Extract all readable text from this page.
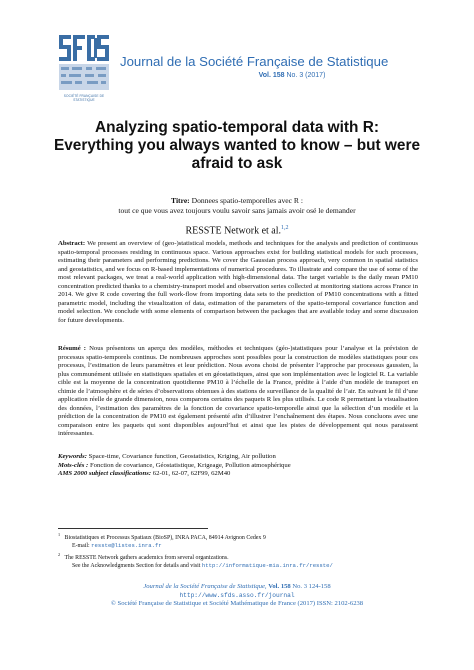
SOCIÉTÉ FRANÇAISE DE STATISTIQUE
Journal de la Société Française de Statistique
Vol. 158 No. 3 (2017)
Analyzing spatio-temporal data with R:
Everything you always wanted to know – but were
afraid to ask
Titre: Donnees spatio-temporelles avec R :
tout ce que vous avez toujours voulu savoir sans jamais avoir osé le demander
RESSTE Network et al.$^{1,2}$
Abstract: We present an overview of (geo-)statistical models, methods and techniques for the analysis and prediction of continuous spatio-temporal processes residing in continuous space. Various approaches exist for building statistical models for such processes, estimating their parameters and performing predictions. We cover the Gaussian process approach, very common in spatial statistics and geostatistics, and we focus on R-based implementations of numerical procedures. To illustrate and compare the use of some of the most relevant packages, we treat a real-world application with high-dimensional data. The target variable is the daily mean PM10 concentration predicted thanks to a chemistry-transport model and observation series collected at monitoring stations across France in 2014. We give R code covering the full work-flow from importing data sets to the prediction of PM10 concentrations with a fitted parametric model, including the visualization of data, estimation of the parameters of the spatio-temporal covariance function and model selection. We conclude with some elements of comparison between the packages that are available today and some discussion for future developments.
Résumé : Nous présentons un aperçu des modèles, méthodes et techniques (géo-)statistiques pour l’analyse et la prévision de processus spatio-temporels continus. De nombreuses approches sont possibles pour la construction de modèles statistiques pour ces processus, l’estimation de leurs paramètres et leur prédiction. Nous avons choisi de présenter l’approche par processus gaussien, la plus communément utilisée en statistiques spatiales et en géostatistiques, ainsi que son implémentation avec le logiciel R. La variable cible est la moyenne de la concentration quotidienne PM10 à l’échelle de la France, prédite à l’aide d’un modèle de transport en chimie de l’atmosphère et de séries d’observations obtenues à des stations de surveillance de la qualité de l’air. En suivant le fil d’une application réelle de grande dimension, nous comparons certains des paquets R les plus utilisés. Le code R permettant la visualisation des données, l’estimation des paramètres de la fonction de covariance spatio-temporelle ainsi que la sélection d’un modèle et la prédiction de la concentration de PM10 est également présenté afin d’illustrer l’enchaînement des étapes. Nous concluons avec une comparaison entre les paquets qui sont disponibles aujourd’hui et ainsi que les pistes de développement qui nous paraissent intéressantes.
Keywords: Space-time, Covariance function, Geostatistics, Kriging, Air pollution
Mots-clés : Fonction de covariance, Géostatistique, Krigeage, Pollution atmosphérique
AMS 2000 subject classifications: 62-01, 62-07, 62F99, 62M40
$^1$   Biostatistiques et Processus Spatiaux (BioSP), INRA PACA, 84914 Avignon Cedex 9
E-mail: resste@listes.inra.fr
$^2$   The RESSTE Network gathers academics from several organizations.
See the Acknowledgments Section for details and visit http://informatique-mia.inra.fr/resste/
Journal de la Société Française de Statistique, Vol. 158 No. 3 124-158
http://www.sfds.asso.fr/journal
© Société Française de Statistique et Société Mathématique de France (2017) ISSN: 2102-6238
